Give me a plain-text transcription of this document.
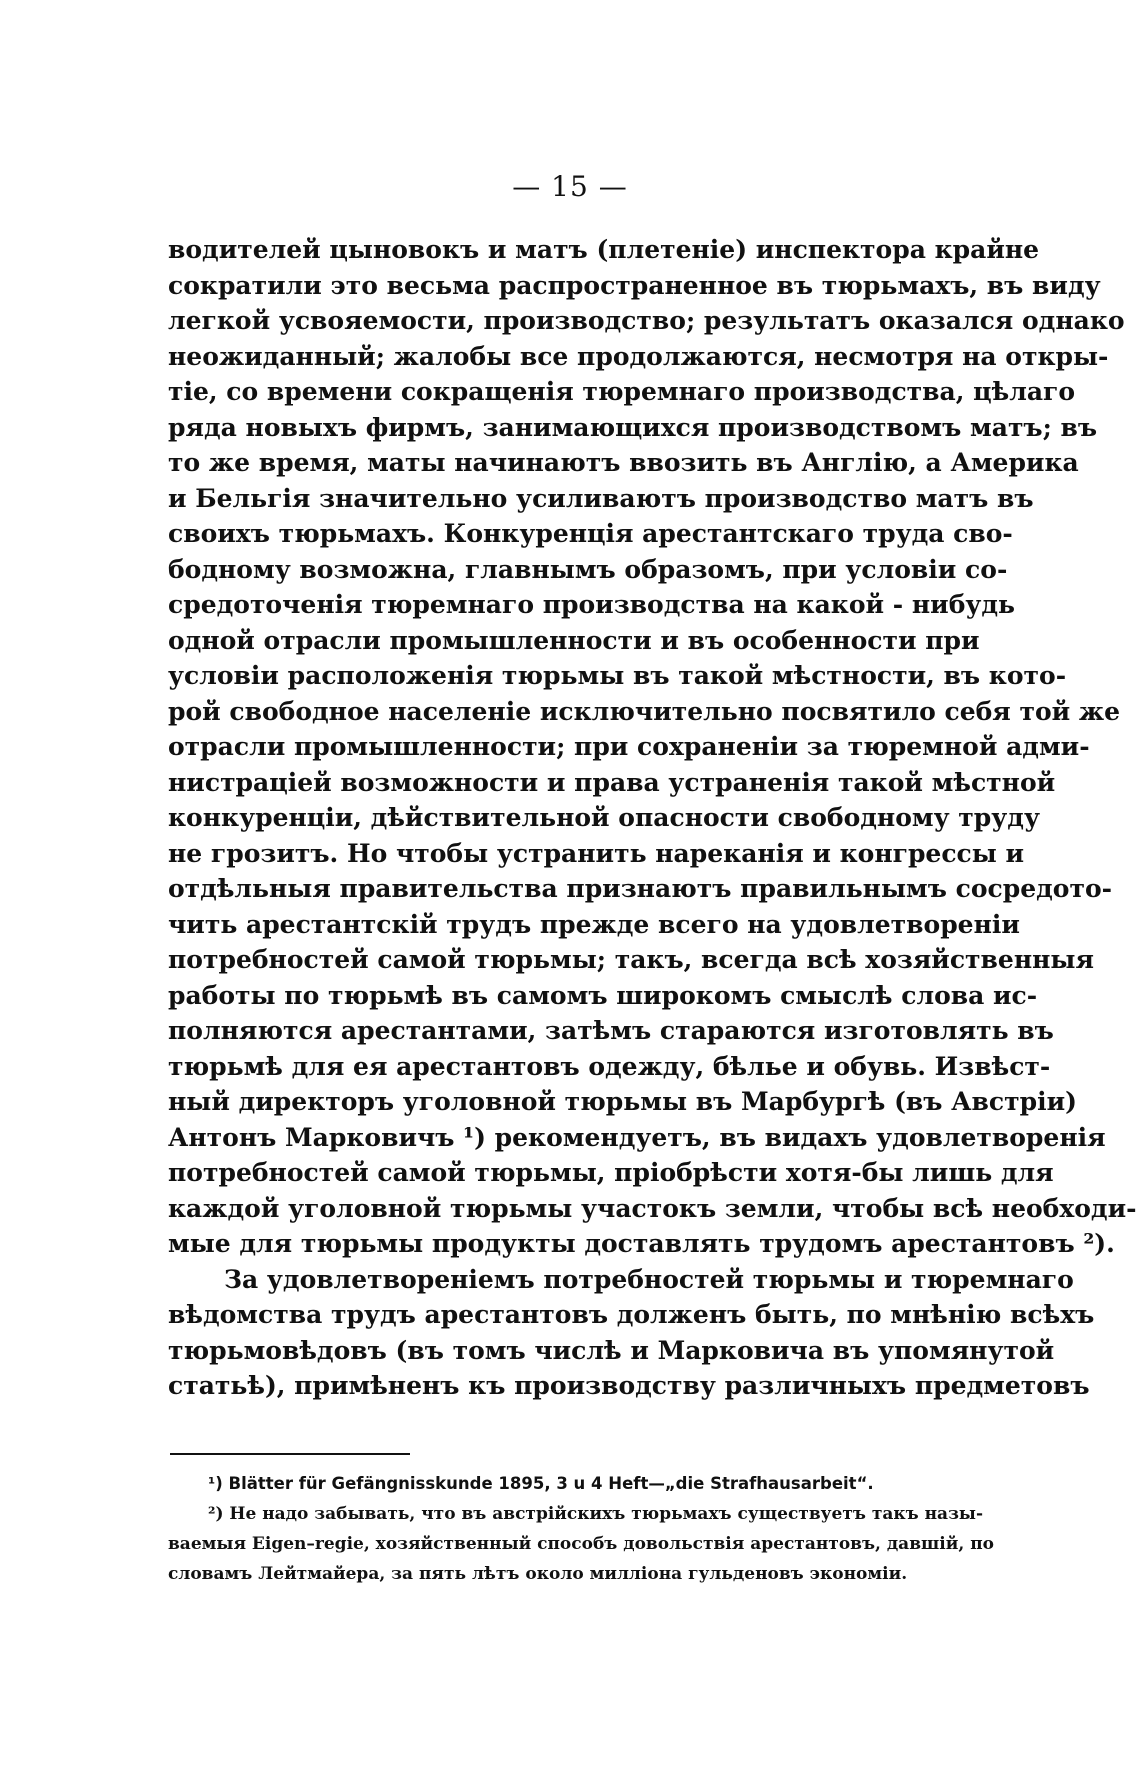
— 15 —
водителей цыновокъ и матъ (плетеніе) инспектора крайне
сократили это весьма распространенное въ тюрьмахъ, въ виду
легкой усвояемости, производство; результатъ оказался однако
неожиданный; жалобы все продолжаются, несмотря на откры-
тіе, со времени сокращенія тюремнаго производства, цѣлаго
ряда новыхъ фирмъ, занимающихся производствомъ матъ; въ
то же время, маты начинаютъ ввозить въ Англію, а Америка
и Бельгія значительно усиливаютъ производство матъ въ
своихъ тюрьмахъ. Конкуренція арестантскаго труда сво-
бодному возможна, главнымъ образомъ, при условіи со-
средоточенія тюремнаго производства на какой - нибудь
одной отрасли промышленности и въ особенности при
условіи расположенія тюрьмы въ такой мѣстности, въ кото-
рой свободное населеніе исключительно посвятило себя той же
отрасли промышленности; при сохраненіи за тюремной адми-
нистраціей возможности и права устраненія такой мѣстной
конкуренціи, дѣйствительной опасности свободному труду
не грозитъ. Но чтобы устранить нареканія и конгрессы и
отдѣльныя правительства признаютъ правильнымъ сосредото-
чить арестантскій трудъ прежде всего на удовлетвореніи
потребностей самой тюрьмы; такъ, всегда всѣ хозяйственныя
работы по тюрьмѣ въ самомъ широкомъ смыслѣ слова ис-
полняются арестантами, затѣмъ стараются изготовлять въ
тюрьмѣ для ея арестантовъ одежду, бѣлье и обувь. Извѣст-
ный директоръ уголовной тюрьмы въ Марбургѣ (въ Австріи)
Антонъ Марковичъ ¹) рекомендуетъ, въ видахъ удовлетворенія
потребностей самой тюрьмы, пріобрѣсти хотя-бы лишь для
каждой уголовной тюрьмы участокъ земли, чтобы всѣ необходи-
мые для тюрьмы продукты доставлять трудомъ арестантовъ ²).
За удовлетвореніемъ потребностей тюрьмы и тюремнаго
вѣдомства трудъ арестантовъ долженъ быть, по мнѣнію всѣхъ
тюрьмовѣдовъ (въ томъ числѣ и Марковича въ упомянутой
статьѣ), примѣненъ къ производству различныхъ предметовъ
¹) Blätter für Gefängnisskunde 1895, 3 u 4 Heft—„die Strafhausarbeit“.
²) Не надо забывать, что въ австрійскихъ тюрьмахъ существуетъ такъ назы-
ваемыя Eigen–regie, хозяйственный способъ довольствія арестантовъ, давшій, по
словамъ Лейтмайера, за пять лѣтъ около милліона гульденовъ экономіи.
